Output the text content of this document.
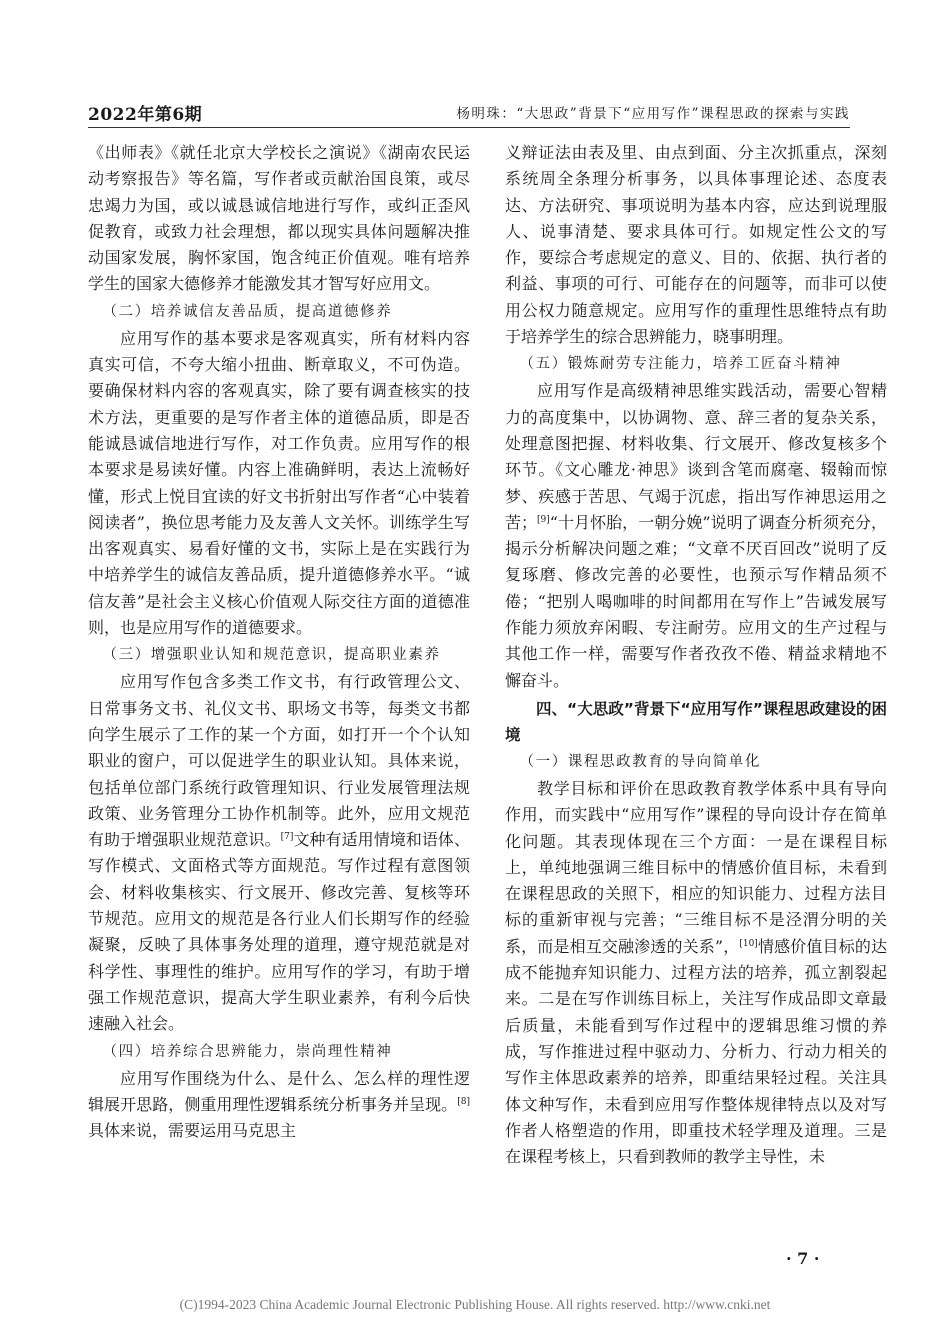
2022年第6期	杨明珠：“大思政”背景下“应用写作”课程思政的探索与实践

《出师表》《就任北京大学校长之演说》《湖南农民运动考察报告》等名篇，写作者或贡献治国良策，或尽忠竭力为国，或以诚恳诚信地进行写作，或纠正歪风促教育，或致力社会理想，都以现实具体问题解决推动国家发展，胸怀家国，饱含纯正价值观。唯有培养学生的国家大德修养才能激发其才智写好应用文。

（二）培养诚信友善品质，提高道德修养

应用写作的基本要求是客观真实，所有材料内容真实可信，不夸大缩小扭曲、断章取义，不可伪造。要确保材料内容的客观真实，除了要有调查核实的技术方法，更重要的是写作者主体的道德品质，即是否能诚恳诚信地进行写作，对工作负责。应用写作的根本要求是易读好懂。内容上准确鲜明，表达上流畅好懂，形式上悦目宜读的好文书折射出写作者“心中装着阅读者”，换位思考能力及友善人文关怀。训练学生写出客观真实、易看好懂的文书，实际上是在实践行为中培养学生的诚信友善品质，提升道德修养水平。“诚信友善”是社会主义核心价值观人际交往方面的道德准则，也是应用写作的道德要求。

（三）增强职业认知和规范意识，提高职业素养

应用写作包含多类工作文书，有行政管理公文、日常事务文书、礼仪文书、职场文书等，每类文书都向学生展示了工作的某一个方面，如打开一个个认知职业的窗户，可以促进学生的职业认知。具体来说，包括单位部门系统行政管理知识、行业发展管理法规政策、业务管理分工协作机制等。此外，应用文规范有助于增强职业规范意识。[7]文种有适用情境和语体、写作模式、文面格式等方面规范。写作过程有意图领会、材料收集核实、行文展开、修改完善、复核等环节规范。应用文的规范是各行业人们长期写作的经验凝聚，反映了具体事务处理的道理，遵守规范就是对科学性、事理性的维护。应用写作的学习，有助于增强工作规范意识，提高大学生职业素养，有利今后快速融入社会。

（四）培养综合思辨能力，崇尚理性精神

应用写作围绕为什么、是什么、怎么样的理性逻辑展开思路，侧重用理性逻辑系统分析事务并呈现。[8]具体来说，需要运用马克思主

义辩证法由表及里、由点到面、分主次抓重点，深刻系统周全条理分析事务，以具体事理论述、态度表达、方法研究、事项说明为基本内容，应达到说理服人、说事清楚、要求具体可行。如规定性公文的写作，要综合考虑规定的意义、目的、依据、执行者的利益、事项的可行、可能存在的问题等，而非可以使用公权力随意规定。应用写作的重理性思维特点有助于培养学生的综合思辨能力，晓事明理。

（五）锻炼耐劳专注能力，培养工匠奋斗精神

应用写作是高级精神思维实践活动，需要心智精力的高度集中，以协调物、意、辞三者的复杂关系，处理意图把握、材料收集、行文展开、修改复核多个环节。《文心雕龙·神思》谈到含笔而腐毫、辍翰而惊梦、疾感于苦思、气竭于沉虑，指出写作神思运用之苦；[9]“十月怀胎，一朝分娩”说明了调查分析须充分，揭示分析解决问题之难；“文章不厌百回改”说明了反复琢磨、修改完善的必要性，也预示写作精品须不倦；“把别人喝咖啡的时间都用在写作上”告诫发展写作能力须放弃闲暇、专注耐劳。应用文的生产过程与其他工作一样，需要写作者孜孜不倦、精益求精地不懈奋斗。

四、“大思政”背景下“应用写作”课程思政建设的困境
（一）课程思政教育的导向简单化

教学目标和评价在思政教育教学体系中具有导向作用，而实践中“应用写作”课程的导向设计存在简单化问题。其表现体现在三个方面：一是在课程目标上，单纯地强调三维目标中的情感价值目标，未看到在课程思政的关照下，相应的知识能力、过程方法目标的重新审视与完善；“三维目标不是泾渭分明的关系，而是相互交融渗透的关系”，[10]情感价值目标的达成不能抛弃知识能力、过程方法的培养，孤立割裂起来。二是在写作训练目标上，关注写作成品即文章最后质量，未能看到写作过程中的逻辑思维习惯的养成，写作推进过程中驱动力、分析力、行动力相关的写作主体思政素养的培养，即重结果轻过程。关注具体文种写作，未看到应用写作整体规律特点以及对写作者人格塑造的作用，即重技术轻学理及道理。三是在课程考核上，只看到教师的教学主导性，未

· 7 ·
(C)1994-2023 China Academic Journal Electronic Publishing House. All rights reserved. http://www.cnki.net
